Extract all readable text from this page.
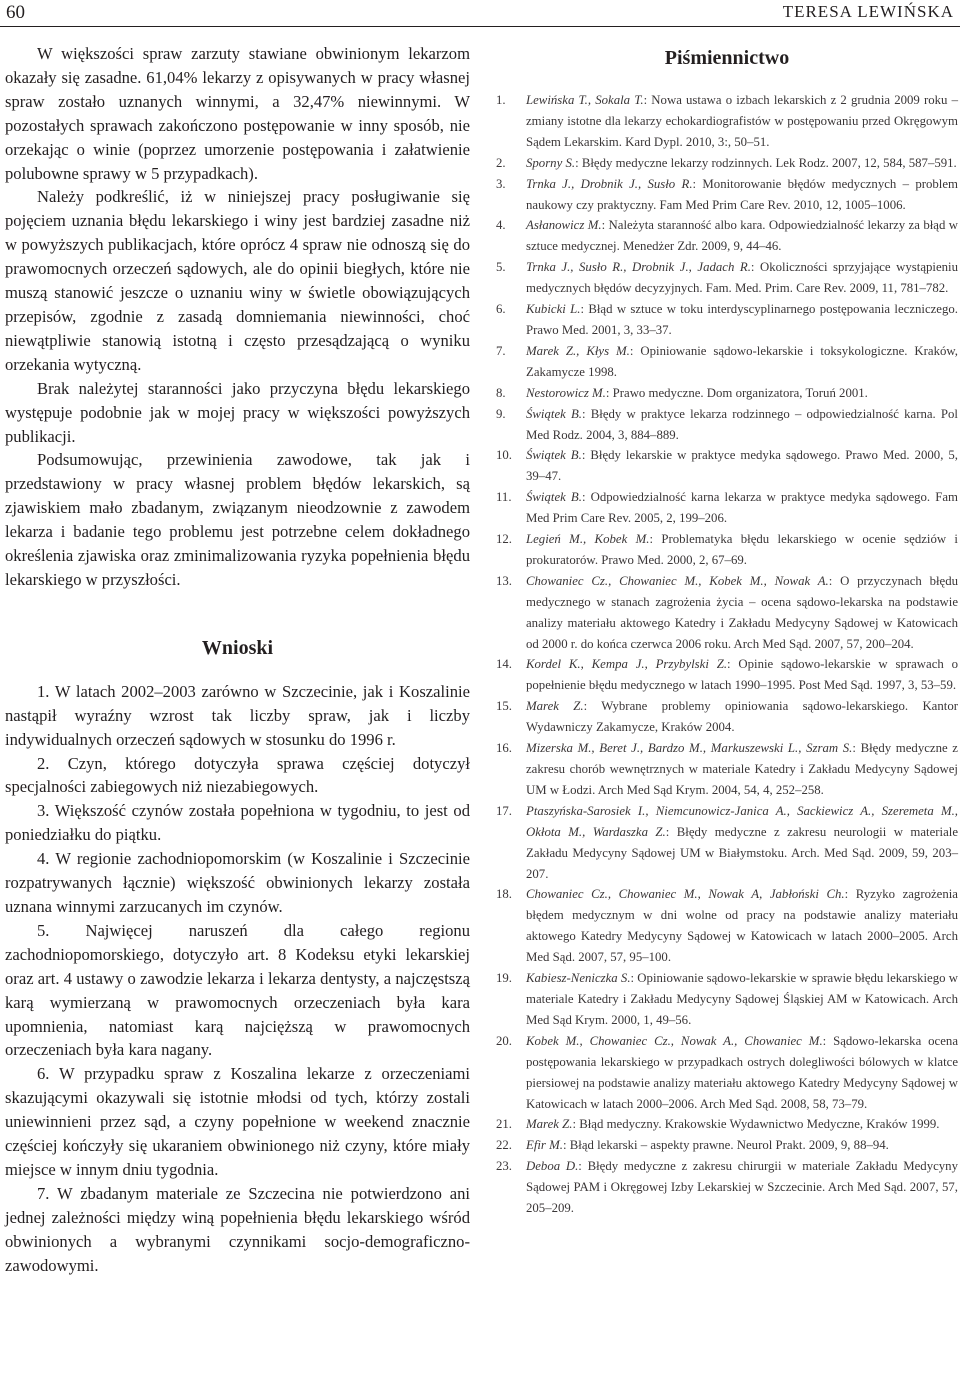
60	TERESA LEWIŃSKA

W większości spraw zarzuty stawiane obwinionym lekarzom okazały się zasadne. 61,04% lekarzy z opisywanych w pracy własnej spraw zostało uznanych winnymi, a 32,47% niewinnymi. W pozostałych sprawach zakończono postępowanie w inny sposób, nie orzekając o winie (poprzez umorzenie postępowania i załatwienie polubowne sprawy w 5 przypadkach).

Należy podkreślić, iż w niniejszej pracy posługiwanie się pojęciem uznania błędu lekarskiego i winy jest bardziej zasadne niż w powyższych publikacjach, które oprócz 4 spraw nie odnoszą się do prawomocnych orzeczeń sądowych, ale do opinii biegłych, które nie muszą stanowić jeszcze o uznaniu winy w świetle obowiązujących przepisów, zgodnie z zasadą domniemania niewinności, choć niewątpliwie stanowią istotną i często przesądzającą o wyniku orzekania wytyczną.

Brak należytej staranności jako przyczyna błędu lekarskiego występuje podobnie jak w mojej pracy w większości powyższych publikacji.

Podsumowując, przewinienia zawodowe, tak jak i przedstawiony w pracy własnej problem błędów lekarskich, są zjawiskiem mało zbadanym, związanym nieodzownie z zawodem lekarza i badanie tego problemu jest potrzebne celem dokładnego określenia zjawiska oraz zminimalizowania ryzyka popełnienia błędu lekarskiego w przyszłości.

Wnioski

1. W latach 2002–2003 zarówno w Szczecinie, jak i Koszalinie nastąpił wyraźny wzrost tak liczby spraw, jak i liczby indywidualnych orzeczeń sądowych w stosunku do 1996 r.

2. Czyn, którego dotyczyła sprawa częściej dotyczył specjalności zabiegowych niż niezabiegowych.

3. Większość czynów została popełniona w tygodniu, to jest od poniedziałku do piątku.

4. W regionie zachodniopomorskim (w Koszalinie i Szczecinie rozpatrywanych łącznie) większość obwinionych lekarzy została uznana winnymi zarzucanych im czynów.

5. Najwięcej naruszeń dla całego regionu zachodniopomorskiego, dotyczyło art. 8 Kodeksu etyki lekarskiej oraz art. 4 ustawy o zawodzie lekarza i lekarza dentysty, a najczęstszą karą wymierzaną w prawomocnych orzeczeniach była kara upomnienia, natomiast karą najcięższą w prawomocnych orzeczeniach była kara nagany.

6. W przypadku spraw z Koszalina lekarze z orzeczeniami skazującymi okazywali się istotnie młodsi od tych, którzy zostali uniewinnieni przez sąd, a czyny popełnione w weekend znacznie częściej kończyły się ukaraniem obwinionego niż czyny, które miały miejsce w innym dniu tygodnia.

7. W zbadanym materiale ze Szczecina nie potwierdzono ani jednej zależności między winą popełnienia błędu lekarskiego wśród obwinionych a wybranymi czynnikami socjo-demograficzno-zawodowymi.

Piśmiennictwo
1.	Lewińska T., Sokala T.: Nowa ustawa o izbach lekarskich z 2 grudnia 2009 roku – zmiany istotne dla lekarzy echokardiografistów w postępowaniu przed Okręgowym Sądem Lekarskim. Kard Dypl. 2010, 3:, 50–51.
2.	Sporny S.: Błędy medyczne lekarzy rodzinnych. Lek Rodz. 2007, 12, 584, 587–591.
3.	Trnka J., Drobnik J., Susło R.: Monitorowanie błędów medycznych – problem naukowy czy praktyczny. Fam Med Prim Care Rev. 2010, 12, 1005–1006.
4.	Asłanowicz M.: Należyta staranność albo kara. Odpowiedzialność lekarzy za błąd w sztuce medycznej. Menedżer Zdr. 2009, 9, 44–46.
5.	Trnka J., Susło R., Drobnik J., Jadach R.: Okoliczności sprzyjające wystąpieniu medycznych błędów decyzyjnych. Fam. Med. Prim. Care Rev. 2009, 11, 781–782.
6.	Kubicki L.: Błąd w sztuce w toku interdyscyplinarnego postępowania leczniczego. Prawo Med. 2001, 3, 33–37.
7.	Marek Z., Kłys M.: Opiniowanie sądowo-lekarskie i toksykologiczne. Kraków, Zakamycze 1998.
8.	Nestorowicz M.: Prawo medyczne. Dom organizatora, Toruń 2001.
9.	Świątek B.: Błędy w praktyce lekarza rodzinnego – odpowiedzialność karna. Pol Med Rodz. 2004, 3, 884–889.
10.	Świątek B.: Błędy lekarskie w praktyce medyka sądowego. Prawo Med. 2000, 5, 39–47.
11.	Świątek B.: Odpowiedzialność karna lekarza w praktyce medyka sądowego. Fam Med Prim Care Rev. 2005, 2, 199–206.
12.	Legień M., Kobek M.: Problematyka błędu lekarskiego w ocenie sędziów i prokuratorów. Prawo Med. 2000, 2, 67–69.
13.	Chowaniec Cz., Chowaniec M., Kobek M., Nowak A.: O przyczynach błędu medycznego w stanach zagrożenia życia – ocena sądowo-lekarska na podstawie analizy materiału aktowego Katedry i Zakładu Medycyny Sądowej w Katowicach od 2000 r. do końca czerwca 2006 roku. Arch Med Sąd. 2007, 57, 200–204.
14.	Kordel K., Kempa J., Przybylski Z.: Opinie sądowo-lekarskie w sprawach o popełnienie błędu medycznego w latach 1990–1995. Post Med Sąd. 1997, 3, 53–59.
15.	Marek Z.: Wybrane problemy opiniowania sądowo-lekarskiego. Kantor Wydawniczy Zakamycze, Kraków 2004.
16.	Mizerska M., Beret J., Bardzo M., Markuszewski L., Szram S.: Błędy medyczne z zakresu chorób wewnętrznych w materiale Katedry i Zakładu Medycyny Sądowej UM w Łodzi. Arch Med Sąd Krym. 2004, 54, 4, 252–258.
17.	Ptaszyńska-Sarosiek I., Niemcunowicz-Janica A., Sackiewicz A., Szeremeta M., Okłota M., Wardaszka Z.: Błędy medyczne z zakresu neurologii w materiale Zakładu Medycyny Sądowej UM w Białymstoku. Arch. Med Sąd. 2009, 59, 203–207.
18.	Chowaniec Cz., Chowaniec M., Nowak A, Jabłoński Ch.: Ryzyko zagrożenia błędem medycznym w dni wolne od pracy na podstawie analizy materiału aktowego Katedry Medycyny Sądowej w Katowicach w latach 2000–2005. Arch Med Sąd. 2007, 57, 95–100.
19.	Kabiesz-Neniczka S.: Opiniowanie sądowo-lekarskie w sprawie błędu lekarskiego w materiale Katedry i Zakładu Medycyny Sądowej Śląskiej AM w Katowicach. Arch Med Sąd Krym. 2000, 1, 49–56.
20.	Kobek M., Chowaniec Cz., Nowak A., Chowaniec M.: Sądowo-lekarska ocena postępowania lekarskiego w przypadkach ostrych dolegliwości bólowych w klatce piersiowej na podstawie analizy materiału aktowego Katedry Medycyny Sądowej w Katowicach w latach 2000–2006. Arch Med Sąd. 2008, 58, 73–79.
21.	Marek Z.: Błąd medyczny. Krakowskie Wydawnictwo Medyczne, Kraków 1999.
22.	Efir M.: Błąd lekarski – aspekty prawne. Neurol Prakt. 2009, 9, 88–94.
23.	Deboa D.: Błędy medyczne z zakresu chirurgii w materiale Zakładu Medycyny Sądowej PAM i Okręgowej Izby Lekarskiej w Szczecinie. Arch Med Sąd. 2007, 57, 205–209.
